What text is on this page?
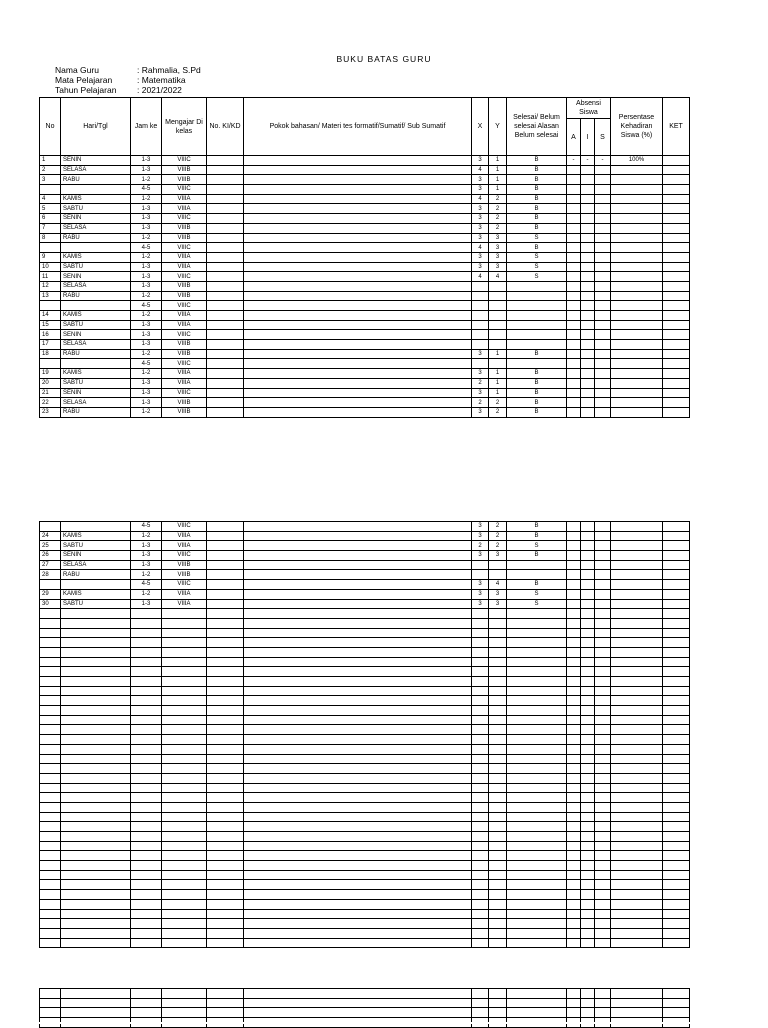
BUKU BATAS GURU
Nama Guru	: Rahmalia, S.Pd
Mata Pelajaran	: Matematika
Tahun Pelajaran : 2021/2022
No	Hari/Tgl	Jam ke	Mengajar Di kelas	No. KI/KD	Pokok bahasan/ Materi tes formatif/Sumatif/ Sub Sumatif	X	Y	Selesai/ Belum selesai Alasan Belum selesai	Absensi Siswa			Persentase Kehadiran Siswa (%)	KET
									A	I	S		
1	SENIN	1-3	VIIIC			3	1	B	-	-	-	100%	
2	SELASA	1-3	VIIIB			4	1	B					
3	RABU	1-2	VIIIB			3	1	B					
		4-5	VIIIC			3	1	B					
4	KAMIS	1-2	VIIIA			4	2	B					
5	SABTU	1-3	VIIIA			3	2	B					
6	SENIN	1-3	VIIIC			3	2	B					
7	SELASA	1-3	VIIIB			3	2	B					
8	RABU	1-2	VIIIB			3	3	S					
		4-5	VIIIC			4	3	B					
9	KAMIS	1-2	VIIIA			3	3	S					
10	SABTU	1-3	VIIIA			3	3	S					
11	SENIN	1-3	VIIIC			4	4	S					
12	SELASA	1-3	VIIIB										
13	RABU	1-2	VIIIB										
		4-5	VIIIC										
14	KAMIS	1-2	VIIIA										
15	SABTU	1-3	VIIIA										
16	SENIN	1-3	VIIIC										
17	SELASA	1-3	VIIIB										
18	RABU	1-2	VIIIB			3	1	B					
		4-5	VIIIC										
19	KAMIS	1-2	VIIIA			3	1	B					
20	SABTU	1-3	VIIIA			2	1	B					
21	SENIN	1-3	VIIIC			3	1	B					
22	SELASA	1-3	VIIIB			2	2	B					
23	RABU	1-2	VIIIB			3	2	B					
		4-5	VIIIC			3	2	B					
24	KAMIS	1-2	VIIIA			3	2	B					
25	SABTU	1-3	VIIIA			2	2	S					
26	SENIN	1-3	VIIIC			3	3	B					
27	SELASA	1-3	VIIIB										
28	RABU	1-2	VIIIB										
		4-5	VIIIC			3	4	B					
29	KAMIS	1-2	VIIIA			3	3	S					
30	SABTU	1-3	VIIIA			3	3	S					
